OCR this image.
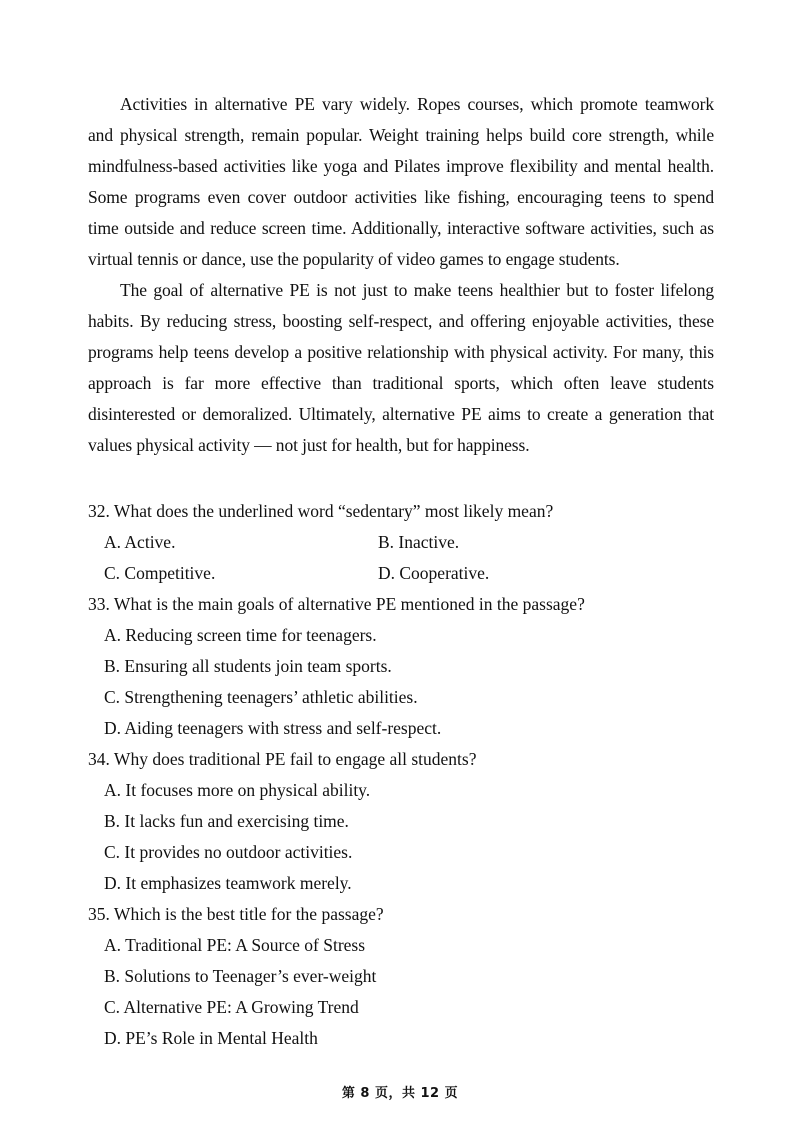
Activities in alternative PE vary widely. Ropes courses, which promote teamwork and physical strength, remain popular. Weight training helps build core strength, while mindfulness-based activities like yoga and Pilates improve flexibility and mental health. Some programs even cover outdoor activities like fishing, encouraging teens to spend time outside and reduce screen time. Additionally, interactive software activities, such as virtual tennis or dance, use the popularity of video games to engage students.

The goal of alternative PE is not just to make teens healthier but to foster lifelong habits. By reducing stress, boosting self-respect, and offering enjoyable activities, these programs help teens develop a positive relationship with physical activity. For many, this approach is far more effective than traditional sports, which often leave students disinterested or demoralized. Ultimately, alternative PE aims to create a generation that values physical activity — not just for health, but for happiness.

32. What does the underlined word “sedentary” most likely mean?
A. Active.	B. Inactive.
C. Competitive.	D. Cooperative.
33. What is the main goals of alternative PE mentioned in the passage?
A. Reducing screen time for teenagers.
B. Ensuring all students join team sports.
C. Strengthening teenagers’ athletic abilities.
D. Aiding teenagers with stress and self-respect.
34. Why does traditional PE fail to engage all students?
A. It focuses more on physical ability.
B. It lacks fun and exercising time.
C. It provides no outdoor activities.
D. It emphasizes teamwork merely.
35. Which is the best title for the passage?
A. Traditional PE: A Source of Stress
B. Solutions to Teenager’s ever-weight
C. Alternative PE: A Growing Trend
D. PE’s Role in Mental Health
第 8 页，共 12 页
